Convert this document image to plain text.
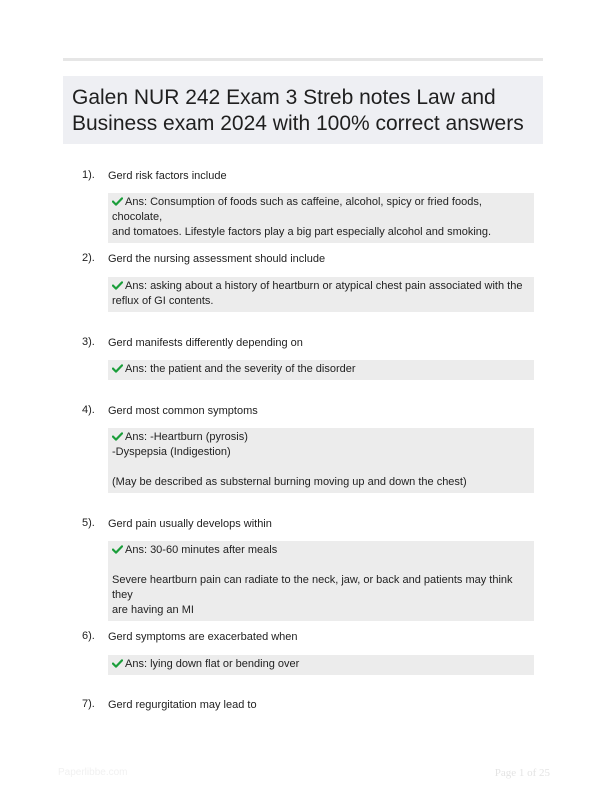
Galen NUR 242 Exam 3 Streb notes Law and Business exam 2024 with 100% correct answers
1). Gerd risk factors include
Ans: Consumption of foods such as caffeine, alcohol, spicy or fried foods, chocolate,
and tomatoes. Lifestyle factors play a big part especially alcohol and smoking.
2). Gerd the nursing assessment should include
Ans: asking about a history of heartburn or atypical chest pain associated with the
reflux of GI contents.
3). Gerd manifests differently depending on
Ans: the patient and the severity of the disorder
4). Gerd most common symptoms
Ans: -Heartburn (pyrosis)
-Dyspepsia (Indigestion)
(May be described as substernal burning moving up and down the chest)
5). Gerd pain usually develops within
Ans: 30-60 minutes after meals
Severe heartburn pain can radiate to the neck, jaw, or back and patients may think they
are having an MI
6). Gerd symptoms are exacerbated when
Ans: lying down flat or bending over
7). Gerd regurgitation may lead to
Paperlibbe.com	Page 1 of 25
